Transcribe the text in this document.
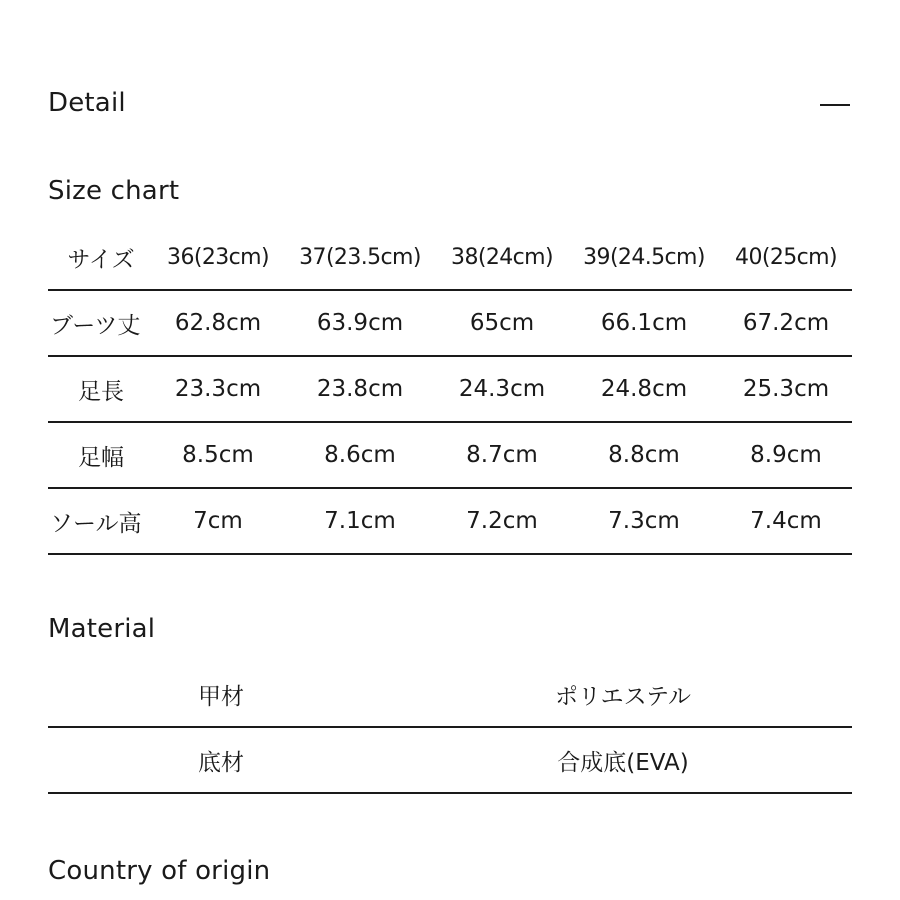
Detail
Size chart
サイズ	36(23cm)	37(23.5cm)	38(24cm)	39(24.5cm)	40(25cm)
ブーツ丈	62.8cm	63.9cm	65cm	66.1cm	67.2cm
足長	23.3cm	23.8cm	24.3cm	24.8cm	25.3cm
足幅	8.5cm	8.6cm	8.7cm	8.8cm	8.9cm
ソール高	7cm	7.1cm	7.2cm	7.3cm	7.4cm
Material
甲材	ポリエステル
底材	合成底(EVA)
Country of origin
